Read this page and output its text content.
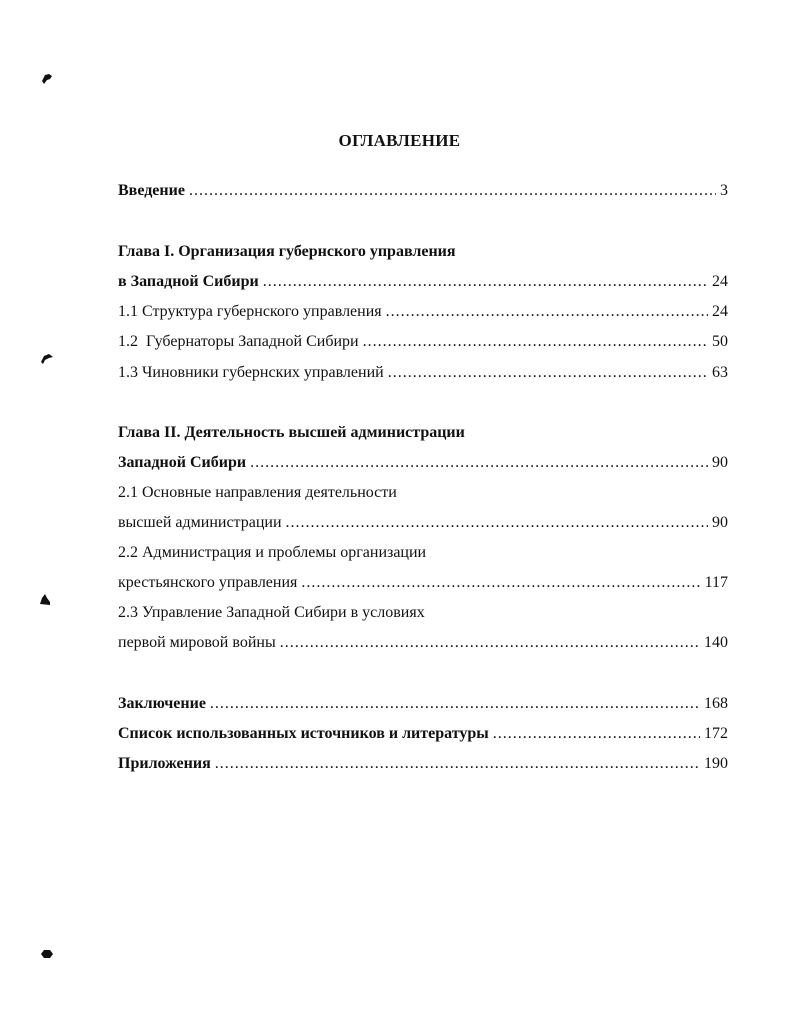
ОГЛАВЛЕНИЕ
Введение .....	3
Глава I. Организация губернского управления
в Западной Сибири .....	24
1.1 Структура губернского управления .....	24
1.2  Губернаторы Западной Сибири .....	50
1.3 Чиновники губернских управлений .....	63
Глава II. Деятельность высшей администрации
Западной Сибири .....	90
2.1 Основные направления деятельности
высшей администрации .....	90
2.2 Администрация и проблемы организации
крестьянского управления .....	117
2.3 Управление Западной Сибири в условиях
первой мировой войны .....	140
Заключение .....	168
Список использованных источников и литературы .....	172
Приложения .....	190
